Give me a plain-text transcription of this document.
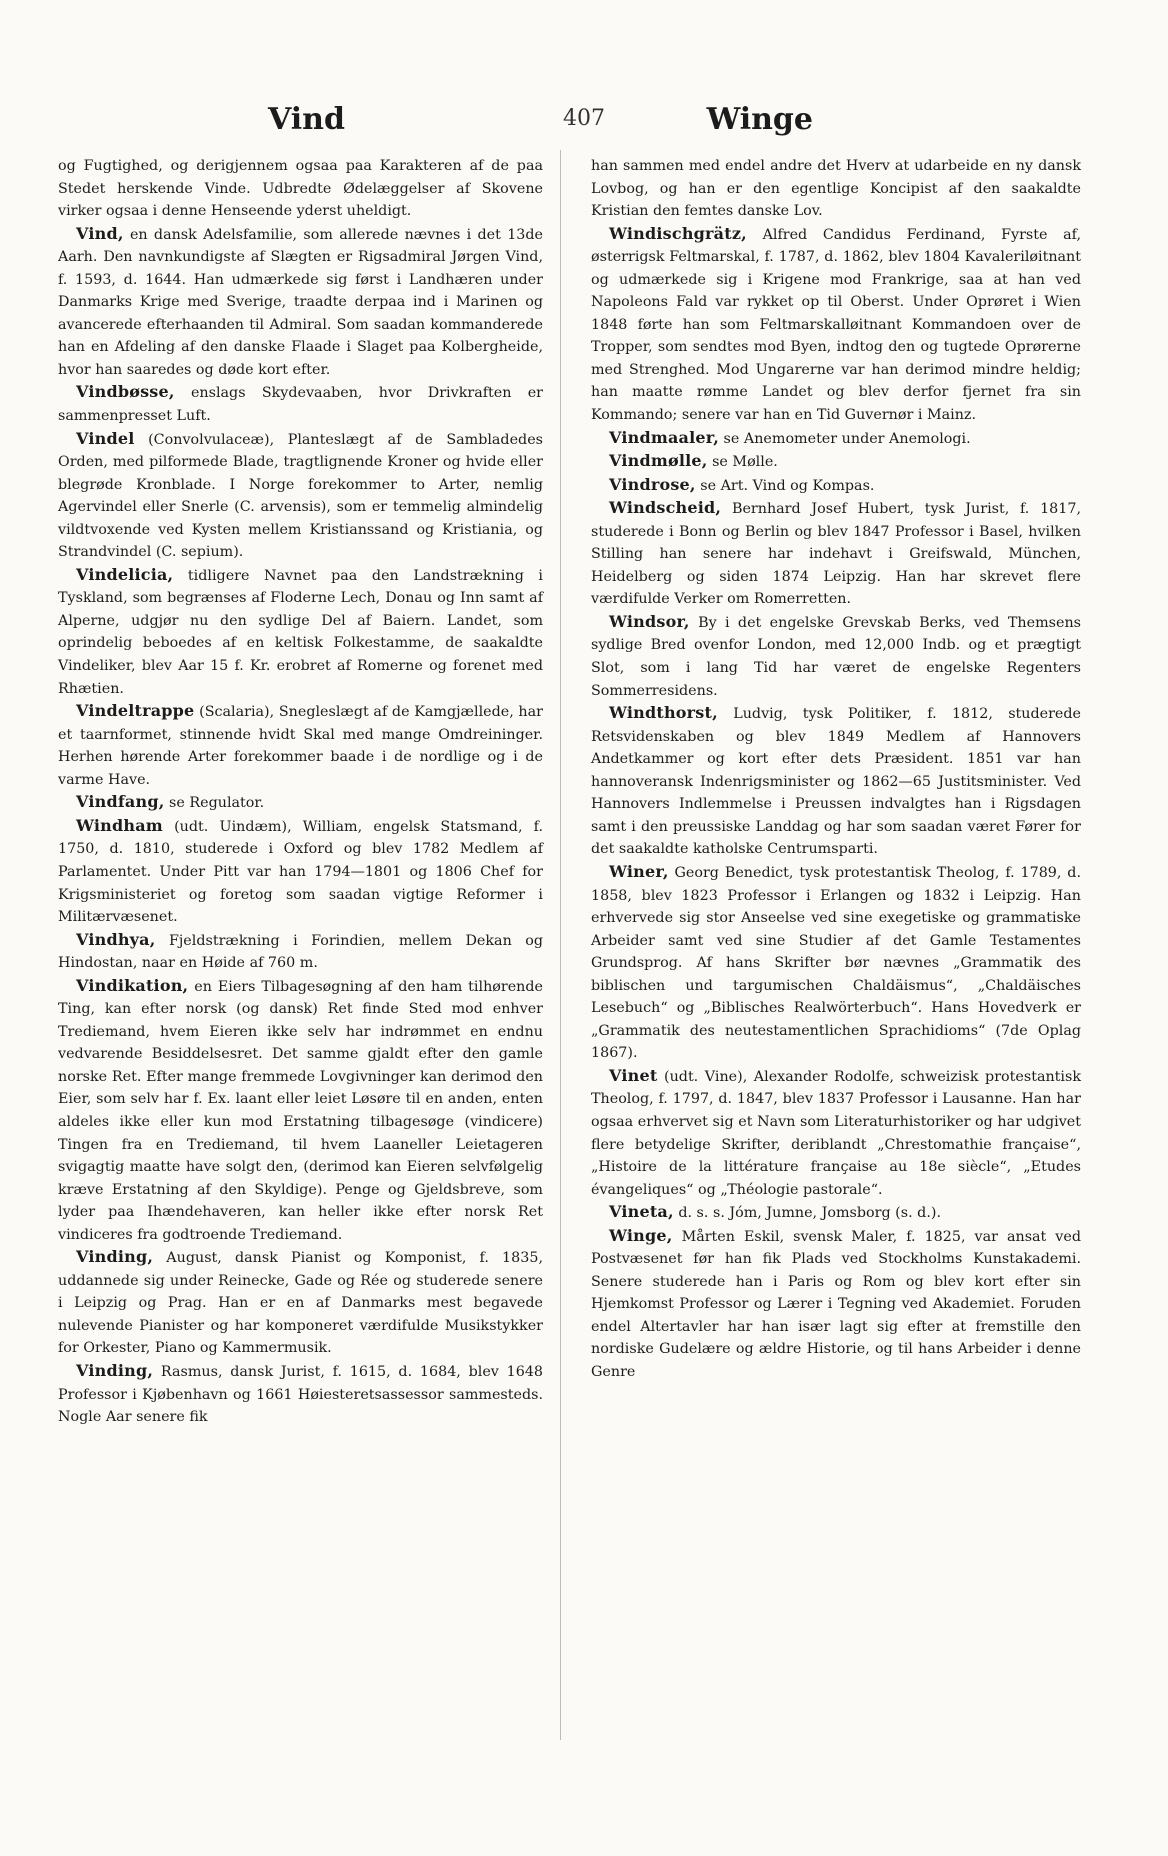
Vind	407	Winge

og Fugtighed, og derigjennem ogsaa paa Karakteren af de paa Stedet herskende Vinde. Udbredte Ødelæggelser af Skovene virker ogsaa i denne Henseende yderst uheldigt.

Vind, en dansk Adelsfamilie, som allerede nævnes i det 13de Aarh. Den navnkundigste af Slægten er Rigsadmiral Jørgen Vind, f. 1593, d. 1644. Han udmærkede sig først i Landhæren under Danmarks Krige med Sverige, traadte derpaa ind i Marinen og avancerede efterhaanden til Admiral. Som saadan kommanderede han en Afdeling af den danske Flaade i Slaget paa Kolbergheide, hvor han saaredes og døde kort efter.

Vindbøsse, enslags Skydevaaben, hvor Drivkraften er sammenpresset Luft.

Vindel (Convolvulaceæ), Planteslægt af de Sambladedes Orden, med pilformede Blade, tragtlignende Kroner og hvide eller blegrøde Kronblade. I Norge forekommer to Arter, nemlig Agervindel eller Snerle (C. arvensis), som er temmelig almindelig vildtvoxende ved Kysten mellem Kristianssand og Kristiania, og Strandvindel (C. sepium).

Vindelicia, tidligere Navnet paa den Landstrækning i Tyskland, som begrænses af Floderne Lech, Donau og Inn samt af Alperne, udgjør nu den sydlige Del af Baiern. Landet, som oprindelig beboedes af en keltisk Folkestamme, de saakaldte Vindeliker, blev Aar 15 f. Kr. erobret af Romerne og forenet med Rhætien.

Vindeltrappe (Scalaria), Snegleslægt af de Kamgjællede, har et taarnformet, stinnende hvidt Skal med mange Omdreininger. Herhen hørende Arter forekommer baade i de nordlige og i de varme Have.

Vindfang, se Regulator.

Windham (udt. Uindæm), William, engelsk Statsmand, f. 1750, d. 1810, studerede i Oxford og blev 1782 Medlem af Parlamentet. Under Pitt var han 1794—1801 og 1806 Chef for Krigsministeriet og foretog som saadan vigtige Reformer i Militærvæsenet.

Vindhya, Fjeldstrækning i Forindien, mellem Dekan og Hindostan, naar en Høide af 760 m.

Vindikation, en Eiers Tilbagesøgning af den ham tilhørende Ting, kan efter norsk (og dansk) Ret finde Sted mod enhver Trediemand, hvem Eieren ikke selv har indrømmet en endnu vedvarende Besiddelsesret. Det samme gjaldt efter den gamle norske Ret. Efter mange fremmede Lovgivninger kan derimod den Eier, som selv har f. Ex. laant eller leiet Løsøre til en anden, enten aldeles ikke eller kun mod Erstatning tilbagesøge (vindicere) Tingen fra en Trediemand, til hvem Laaneller Leietageren svigagtig maatte have solgt den, (derimod kan Eieren selvfølgelig kræve Erstatning af den Skyldige). Penge og Gjeldsbreve, som lyder paa Ihændehaveren, kan heller ikke efter norsk Ret vindiceres fra godtroende Trediemand.

Vinding, August, dansk Pianist og Komponist, f. 1835, uddannede sig under Reinecke, Gade og Rée og studerede senere i Leipzig og Prag. Han er en af Danmarks mest begavede nulevende Pianister og har komponeret værdifulde Musikstykker for Orkester, Piano og Kammermusik.

Vinding, Rasmus, dansk Jurist, f. 1615, d. 1684, blev 1648 Professor i Kjøbenhavn og 1661 Høiesteretsassessor sammesteds. Nogle Aar senere fik

han sammen med endel andre det Hverv at udarbeide en ny dansk Lovbog, og han er den egentlige Koncipist af den saakaldte Kristian den femtes danske Lov.

Windischgrätz, Alfred Candidus Ferdinand, Fyrste af, østerrigsk Feltmarskal, f. 1787, d. 1862, blev 1804 Kavaleriløitnant og udmærkede sig i Krigene mod Frankrige, saa at han ved Napoleons Fald var rykket op til Oberst. Under Oprøret i Wien 1848 førte han som Feltmarskalløitnant Kommandoen over de Tropper, som sendtes mod Byen, indtog den og tugtede Oprørerne med Strenghed. Mod Ungarerne var han derimod mindre heldig; han maatte rømme Landet og blev derfor fjernet fra sin Kommando; senere var han en Tid Guvernør i Mainz.

Vindmaaler, se Anemometer under Anemologi.

Vindmølle, se Mølle.

Vindrose, se Art. Vind og Kompas.

Windscheid, Bernhard Josef Hubert, tysk Jurist, f. 1817, studerede i Bonn og Berlin og blev 1847 Professor i Basel, hvilken Stilling han senere har indehavt i Greifswald, München, Heidelberg og siden 1874 Leipzig. Han har skrevet flere værdifulde Verker om Romerretten.

Windsor, By i det engelske Grevskab Berks, ved Themsens sydlige Bred ovenfor London, med 12,000 Indb. og et prægtigt Slot, som i lang Tid har været de engelske Regenters Sommerresidens.

Windthorst, Ludvig, tysk Politiker, f. 1812, studerede Retsvidenskaben og blev 1849 Medlem af Hannovers Andetkammer og kort efter dets Præsident. 1851 var han hannoveransk Indenrigsminister og 1862—65 Justitsminister. Ved Hannovers Indlemmelse i Preussen indvalgtes han i Rigsdagen samt i den preussiske Landdag og har som saadan været Fører for det saakaldte katholske Centrumsparti.

Winer, Georg Benedict, tysk protestantisk Theolog, f. 1789, d. 1858, blev 1823 Professor i Erlangen og 1832 i Leipzig. Han erhvervede sig stor Anseelse ved sine exegetiske og grammatiske Arbeider samt ved sine Studier af det Gamle Testamentes Grundsprog. Af hans Skrifter bør nævnes „Grammatik des biblischen und targumischen Chaldäismus“, „Chaldäisches Lesebuch“ og „Biblisches Realwörterbuch“. Hans Hovedverk er „Grammatik des neutestamentlichen Sprachidioms“ (7de Oplag 1867).

Vinet (udt. Vine), Alexander Rodolfe, schweizisk protestantisk Theolog, f. 1797, d. 1847, blev 1837 Professor i Lausanne. Han har ogsaa erhvervet sig et Navn som Literaturhistoriker og har udgivet flere betydelige Skrifter, deriblandt „Chrestomathie française“, „Histoire de la littérature française au 18e siècle“, „Etudes évangeliques“ og „Théologie pastorale“.

Vineta, d. s. s. Jóm, Jumne, Jomsborg (s. d.).

Winge, Mårten Eskil, svensk Maler, f. 1825, var ansat ved Postvæsenet før han fik Plads ved Stockholms Kunstakademi. Senere studerede han i Paris og Rom og blev kort efter sin Hjemkomst Professor og Lærer i Tegning ved Akademiet. Foruden endel Altertavler har han især lagt sig efter at fremstille den nordiske Gudelære og ældre Historie, og til hans Arbeider i denne Genre
